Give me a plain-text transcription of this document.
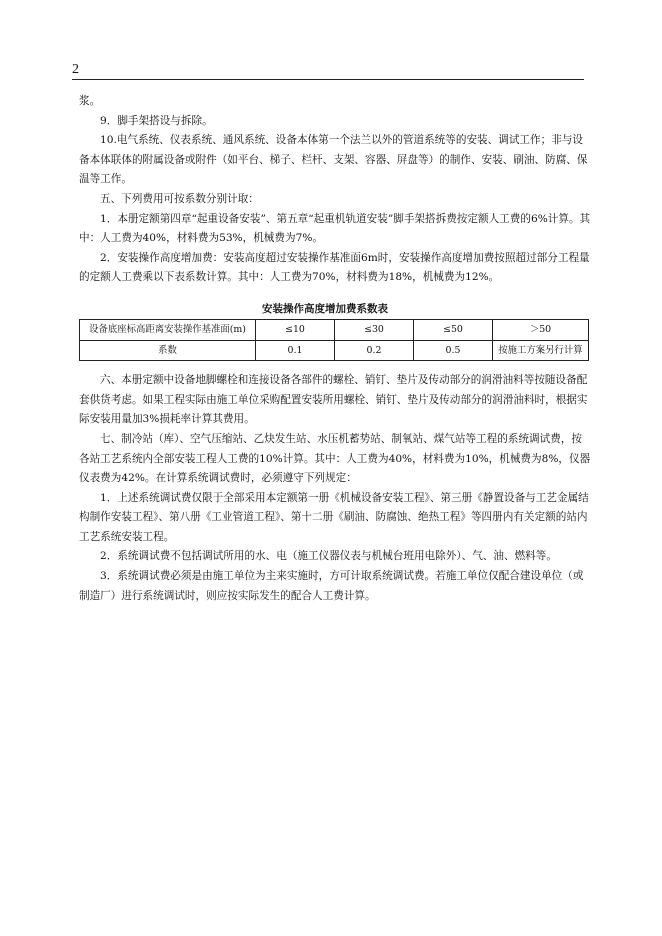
2

浆。

9．脚手架搭设与拆除。

10.电气系统、仪表系统、通风系统、设备本体第一个法兰以外的管道系统等的安装、调试工作；非与设备本体联体的附属设备或附件（如平台、梯子、栏杆、支架、容器、屏盘等）的制作、安装、刷油、防腐、保温等工作。

五、下列费用可按系数分别计取：

1．本册定额第四章“起重设备安装”、第五章“起重机轨道安装”脚手架搭拆费按定额人工费的6%计算。其中：人工费为40%，材料费为53%，机械费为7%。

2．安装操作高度增加费：安装高度超过安装操作基准面6m时，安装操作高度增加费按照超过部分工程量的定额人工费乘以下表系数计算。其中：人工费为70%，材料费为18%，机械费为12%。

安装操作高度增加费系数表
设备底座标高距离安装操作基准面(m)	≤10	≤30	≤50	＞50
系数	0.1	0.2	0.5	按施工方案另行计算

六、本册定额中设备地脚螺栓和连接设备各部件的螺栓、销钉、垫片及传动部分的润滑油料等按随设备配套供货考虑。如果工程实际由施工单位采购配置安装所用螺栓、销钉、垫片及传动部分的润滑油料时，根据实际安装用量加3%损耗率计算其费用。

七、制冷站（库）、空气压缩站、乙炔发生站、水压机蓄势站、制氧站、煤气站等工程的系统调试费，按各站工艺系统内全部安装工程人工费的10%计算。其中：人工费为40%，材料费为10%，机械费为8%，仪器仪表费为42%。在计算系统调试费时，必须遵守下列规定：

1．上述系统调试费仅限于全部采用本定额第一册《机械设备安装工程》、第三册《静置设备与工艺金属结构制作安装工程》、第八册《工业管道工程》、第十二册《刷油、防腐蚀、绝热工程》等四册内有关定额的站内工艺系统安装工程。

2．系统调试费不包括调试所用的水、电（施工仪器仪表与机械台班用电除外）、气、油、燃料等。

3．系统调试费必须是由施工单位为主来实施时，方可计取系统调试费。若施工单位仅配合建设单位（或制造厂）进行系统调试时，则应按实际发生的配合人工费计算。
